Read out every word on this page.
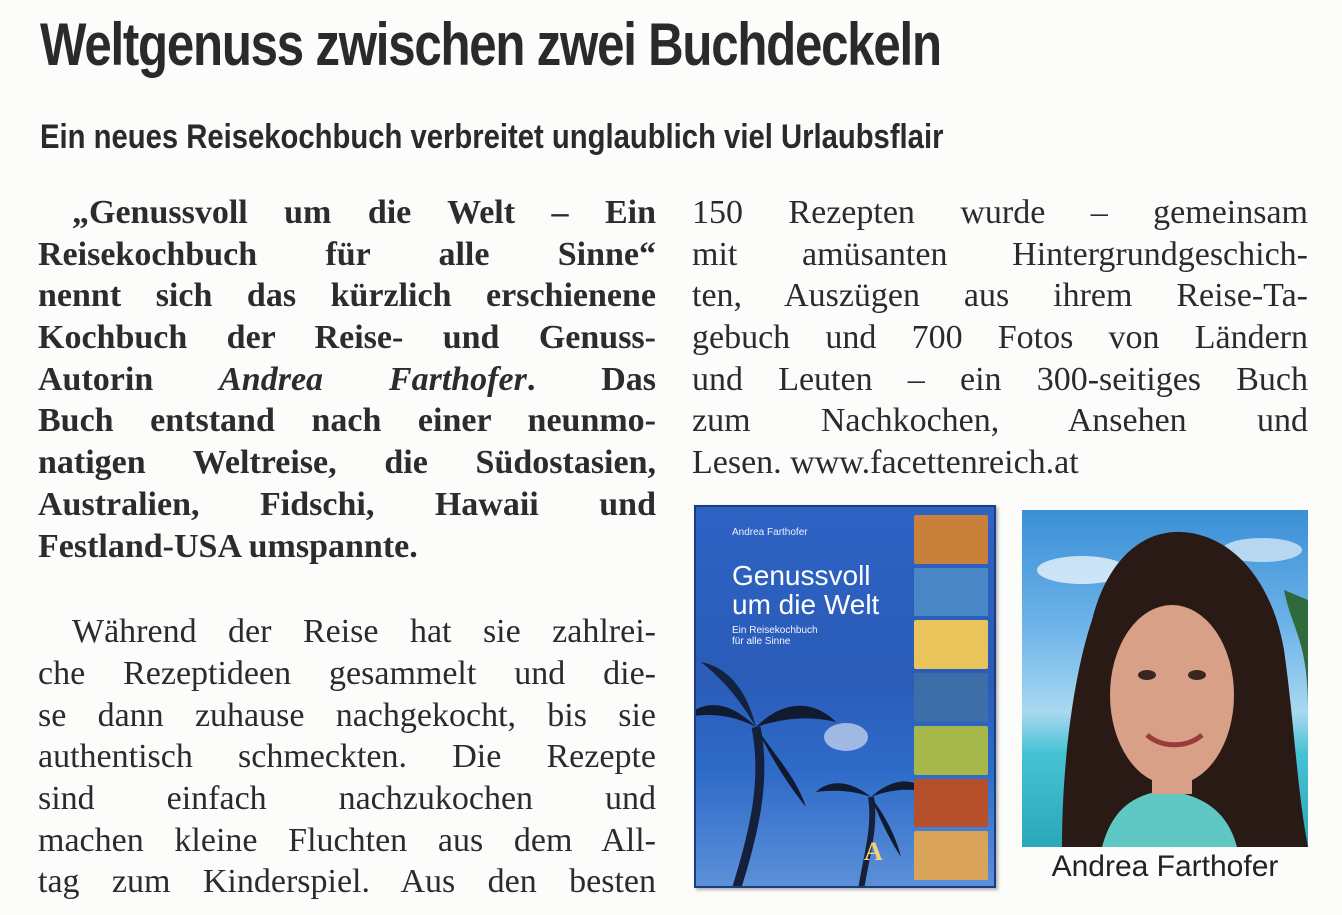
Weltgenuss zwischen zwei Buchdeckeln
Ein neues Reisekochbuch verbreitet unglaublich viel Urlaubsflair
„Genussvoll um die Welt – Ein
Reisekochbuch für alle Sinne“
nennt sich das kürzlich erschienene
Kochbuch der Reise- und Genuss-
Autorin Andrea Farthofer. Das
Buch entstand nach einer neunmo-
natigen Weltreise, die Südostasien,
Australien, Fidschi, Hawaii und
Festland-USA umspannte.
Während der Reise hat sie zahlrei-
che Rezeptideen gesammelt und die-
se dann zuhause nachgekocht, bis sie
authentisch schmeckten. Die Rezepte
sind einfach nachzukochen und
machen kleine Fluchten aus dem All-
tag zum Kinderspiel. Aus den besten
150 Rezepten wurde – gemeinsam
mit amüsanten Hintergrundgeschich-
ten, Auszügen aus ihrem Reise-Ta-
gebuch und 700 Fotos von Ländern
und Leuten – ein 300-seitiges Buch
zum Nachkochen, Ansehen und
Lesen. www.facettenreich.at
Andrea Farthofer
Genussvoll
um die Welt
Ein Reisekochbuch
für alle Sinne
A	Andrea Farthofer
